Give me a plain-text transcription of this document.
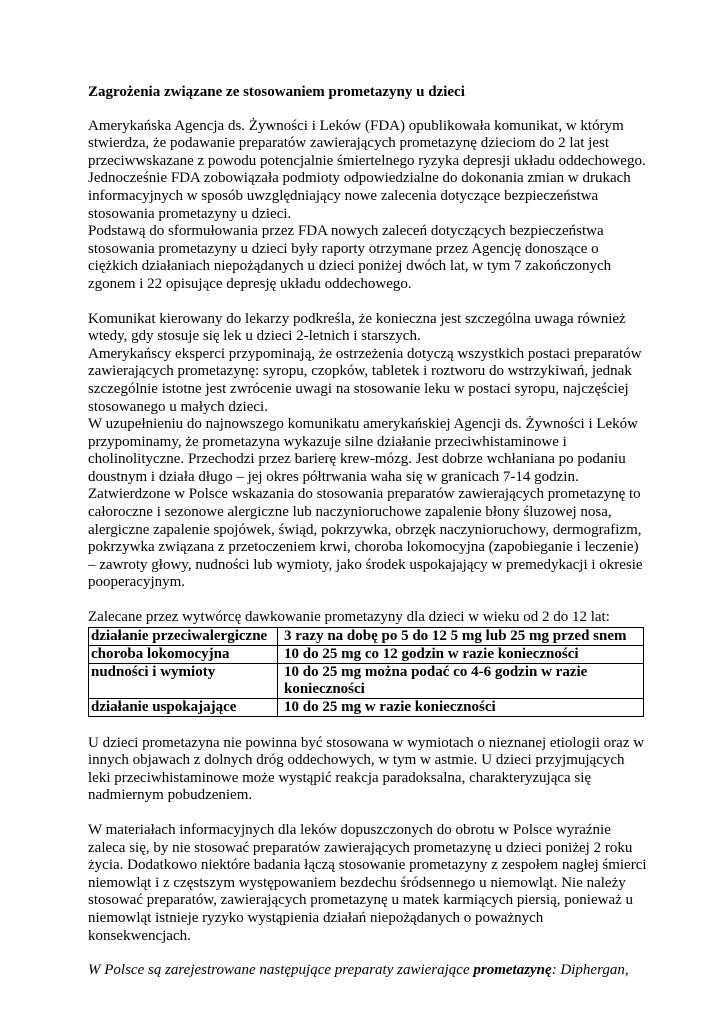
Zagrożenia związane ze stosowaniem prometazyny u dzieci

Amerykańska Agencja ds. Żywności i Leków (FDA) opublikowała komunikat, w którym stwierdza, że podawanie preparatów zawierających prometazynę dzieciom do 2 lat jest przeciwwskazane z powodu potencjalnie śmiertelnego ryzyka depresji układu oddechowego. Jednocześnie FDA zobowiązała podmioty odpowiedzialne do dokonania zmian w drukach informacyjnych w sposób uwzględniający nowe zalecenia dotyczące bezpieczeństwa stosowania prometazyny u dzieci.

Podstawą do sformułowania przez FDA nowych zaleceń dotyczących bezpieczeństwa stosowania prometazyny u dzieci były raporty otrzymane przez Agencję donoszące o ciężkich działaniach niepożądanych u dzieci poniżej dwóch lat, w tym 7 zakończonych zgonem i 22 opisujące depresję układu oddechowego.

Komunikat kierowany do lekarzy podkreśla, że konieczna jest szczególna uwaga również wtedy, gdy stosuje się lek u dzieci 2-letnich i starszych.

Amerykańscy eksperci przypominają, że ostrzeżenia dotyczą wszystkich postaci preparatów zawierających prometazynę: syropu, czopków, tabletek i roztworu do wstrzykiwań, jednak szczególnie istotne jest zwrócenie uwagi na stosowanie leku w postaci syropu, najczęściej stosowanego u małych dzieci.

W uzupełnieniu do najnowszego komunikatu amerykańskiej Agencji ds. Żywności i Leków przypominamy, że prometazyna wykazuje silne działanie przeciwhistaminowe i cholinolityczne. Przechodzi przez barierę krew-mózg. Jest dobrze wchłaniana po podaniu doustnym i działa długo – jej okres półtrwania waha się w granicach 7-14 godzin.

Zatwierdzone w Polsce wskazania do stosowania preparatów zawierających prometazynę to całoroczne i sezonowe alergiczne lub naczynioruchowe zapalenie błony śluzowej nosa, alergiczne zapalenie spojówek, świąd, pokrzywka, obrzęk naczynioruchowy, dermografizm, pokrzywka związana z przetoczeniem krwi, choroba lokomocyjna (zapobieganie i leczenie) – zawroty głowy, nudności lub wymioty, jako środek uspokajający w premedykacji i okresie pooperacyjnym.

Zalecane przez wytwórcę dawkowanie prometazyny dla dzieci w wieku od 2 do 12 lat:

działanie przeciwalergiczne	3 razy na dobę po 5 do 12 5 mg lub 25 mg przed snem
choroba lokomocyjna	10 do 25 mg co 12 godzin w razie konieczności
nudności i wymioty	10 do 25 mg można podać co 4-6 godzin w razie konieczności
działanie uspokajające	10 do 25 mg w razie konieczności

U dzieci prometazyna nie powinna być stosowana w wymiotach o nieznanej etiologii oraz w innych objawach z dolnych dróg oddechowych, w tym w astmie. U dzieci przyjmujących leki przeciwhistaminowe może wystąpić reakcja paradoksalna, charakteryzująca się nadmiernym pobudzeniem.

W materiałach informacyjnych dla leków dopuszczonych do obrotu w Polsce wyraźnie zaleca się, by nie stosować preparatów zawierających prometazynę u dzieci poniżej 2 roku życia. Dodatkowo niektóre badania łączą stosowanie prometazyny z zespołem nagłej śmierci niemowląt i z częstszym występowaniem bezdechu śródsennego u niemowląt. Nie należy stosować preparatów, zawierających prometazynę u matek karmiących piersią, ponieważ u niemowląt istnieje ryzyko wystąpienia działań niepożądanych o poważnych konsekwencjach.

W Polsce są zarejestrowane następujące preparaty zawierające prometazynę: Diphergan,
